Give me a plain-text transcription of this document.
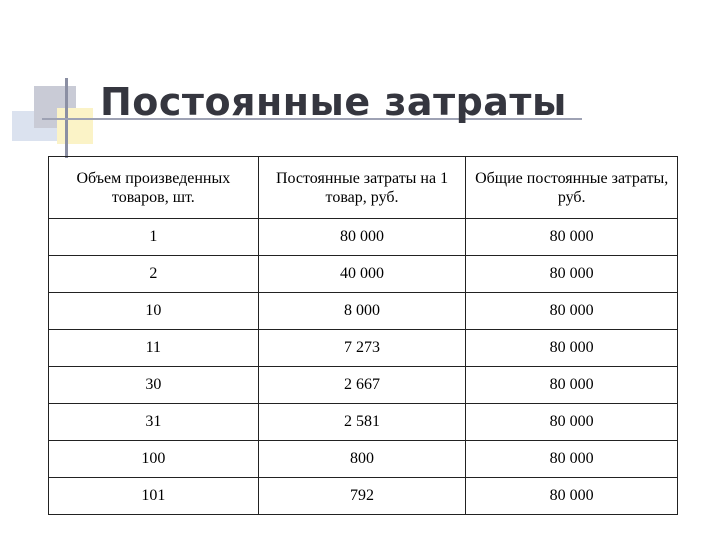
Постоянные затраты
Объем произведенных товаров, шт.	Постоянные затраты на 1 товар, руб.	Общие постоянные затраты, руб.
1	80 000	80 000
2	40 000	80 000
10	8 000	80 000
11	7 273	80 000
30	2 667	80 000
31	2 581	80 000
100	800	80 000
101	792	80 000
